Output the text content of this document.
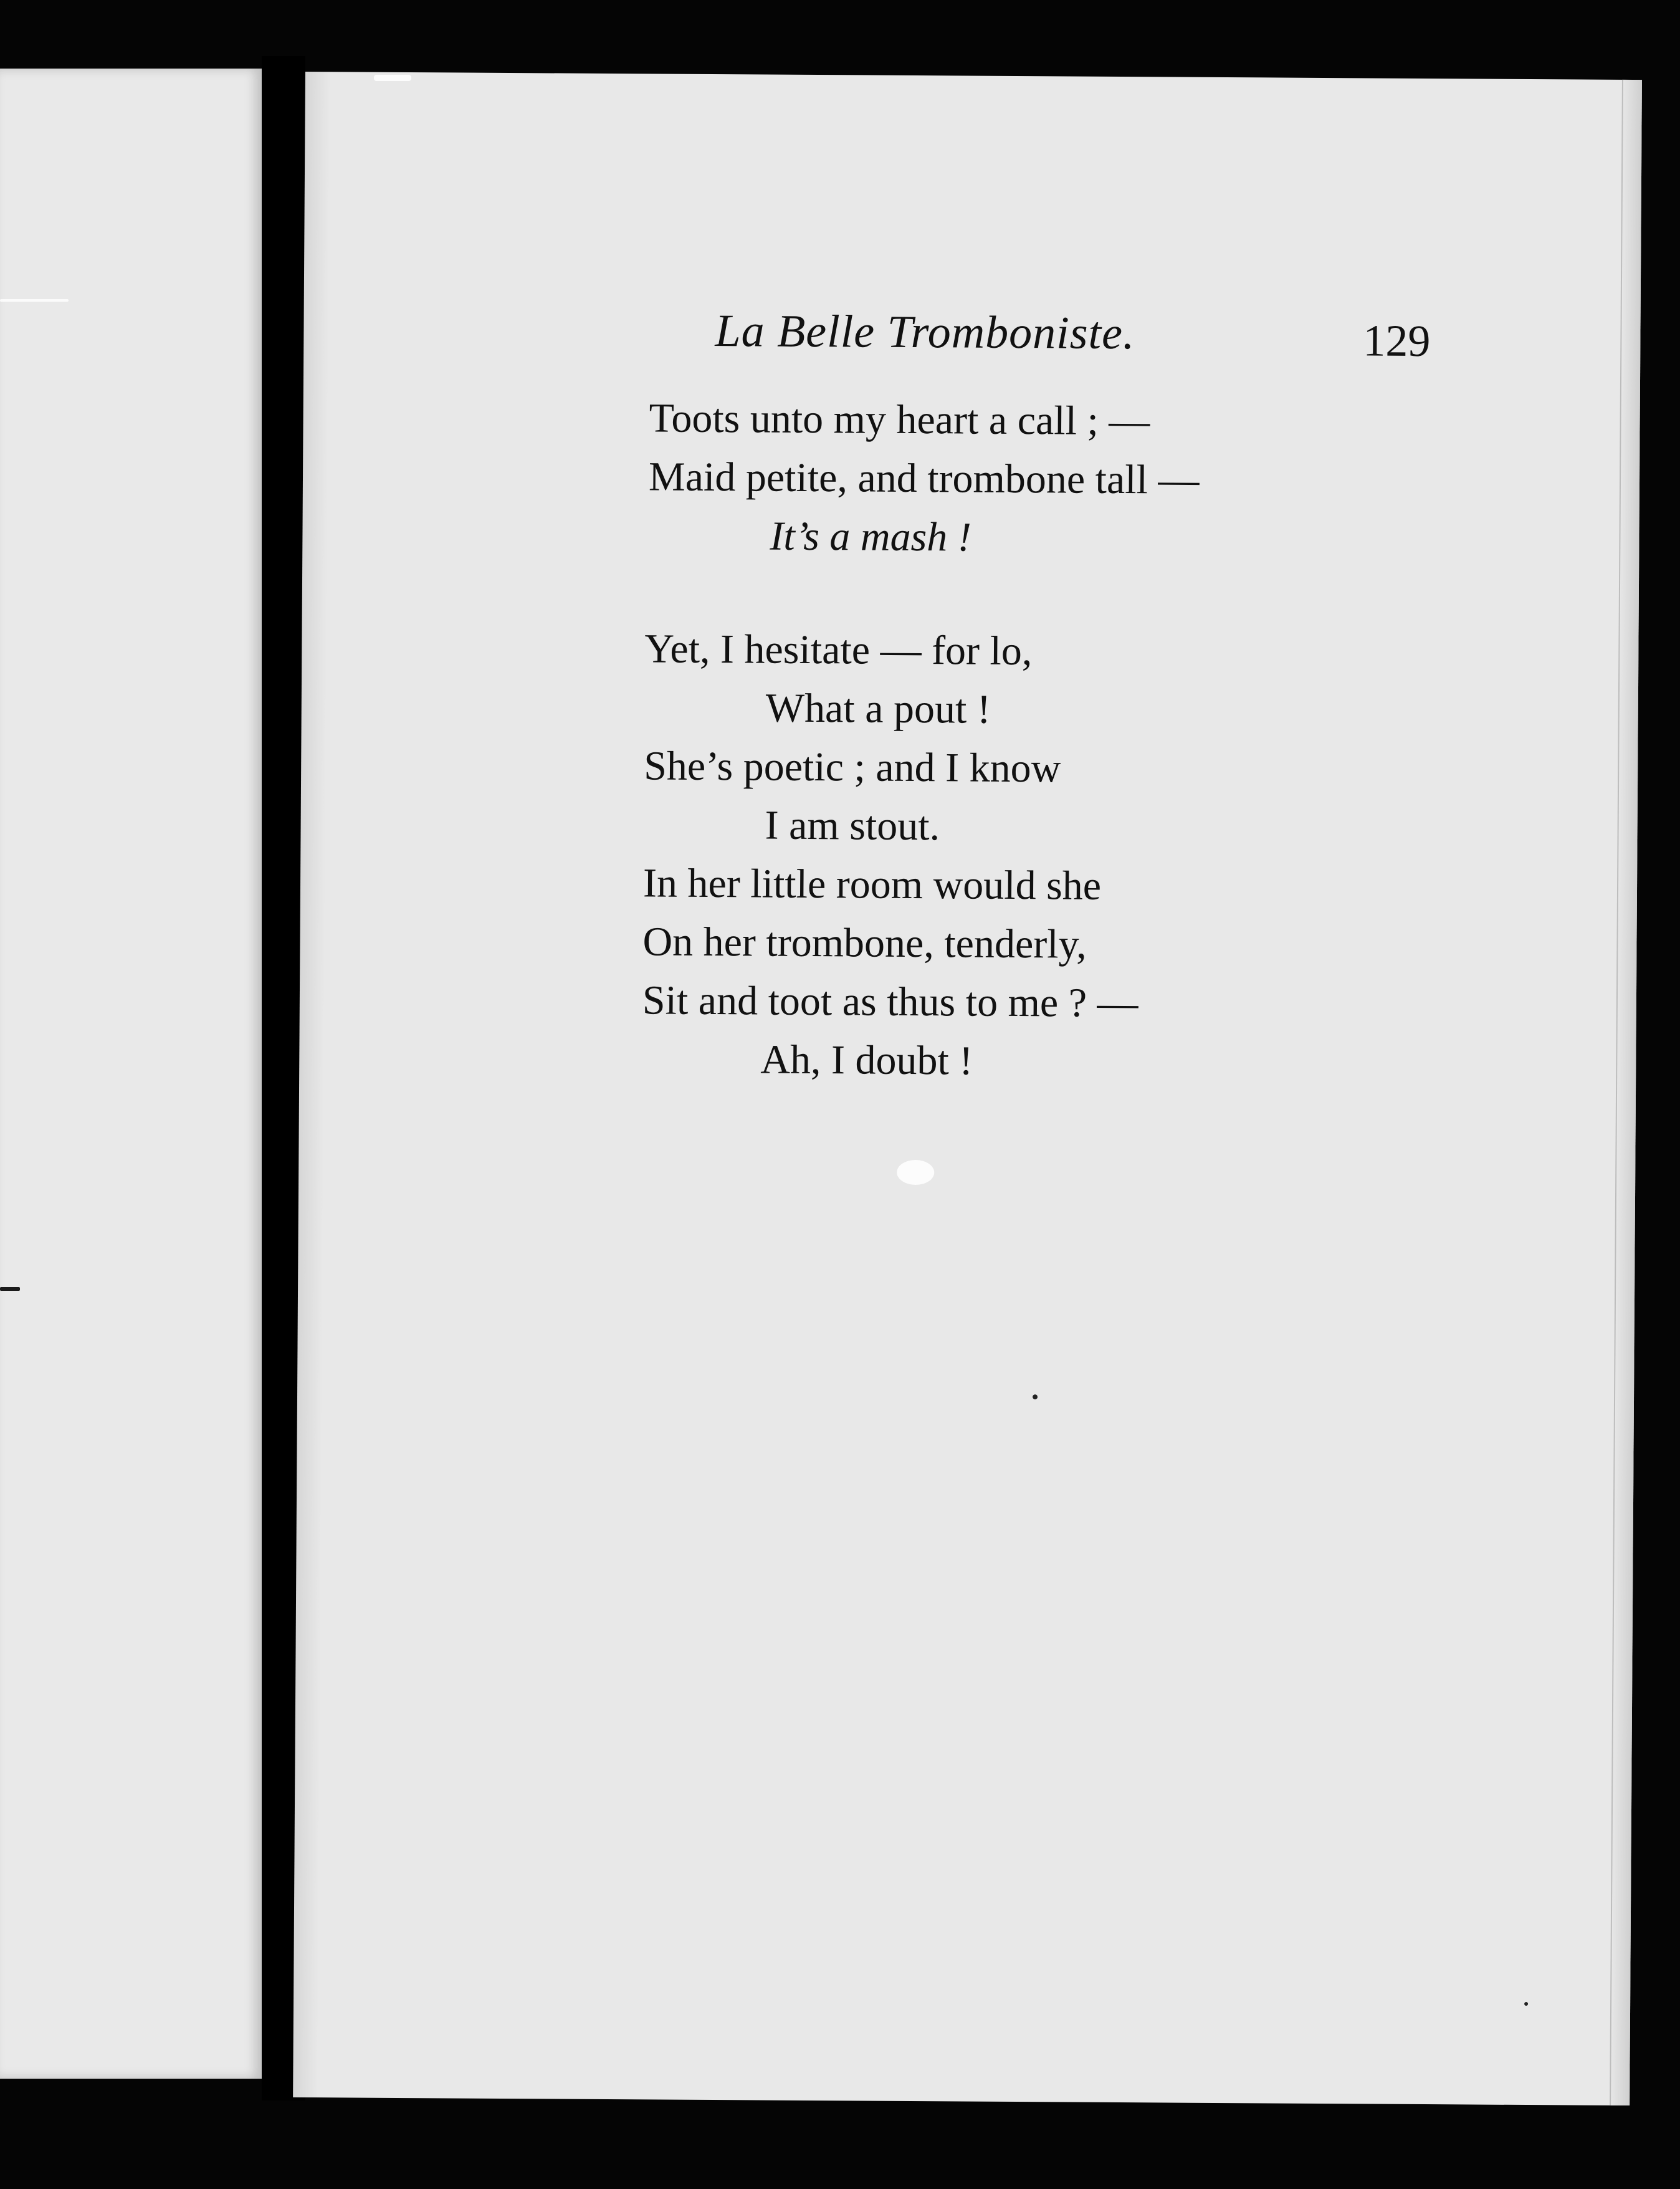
La Belle Tromboniste.	129
Toots unto my heart a call ; —
Maid petite, and trombone tall —
It’s a mash !
Yet, I hesitate — for lo,
What a pout !
She’s poetic ; and I know
I am stout.
In her little room would she
On her trombone, tenderly,
Sit and toot as thus to me ? —
Ah, I doubt !
